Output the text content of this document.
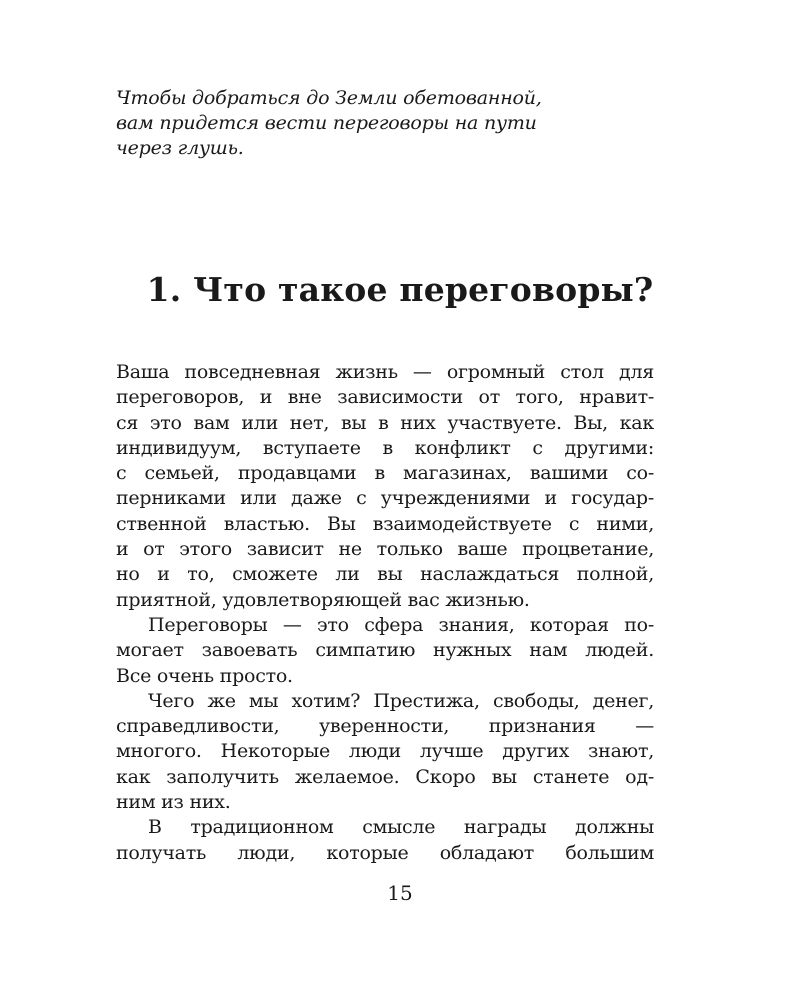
Чтобы добраться до Земли обетованной,
вам придется вести переговоры на пути
через глушь.
1. Что такое переговоры?
Ваша повседневная жизнь — огромный стол для
переговоров, и вне зависимости от того, нравит-
ся это вам или нет, вы в них участвуете. Вы, как
индивидуум, вступаете в конфликт с другими:
с семьей, продавцами в магазинах, вашими со-
перниками или даже с учреждениями и государ-
ственной властью. Вы взаимодействуете с ними,
и от этого зависит не только ваше процветание,
но и то, сможете ли вы наслаждаться полной,
приятной, удовлетворяющей вас жизнью.
Переговоры — это сфера знания, которая по-
могает завоевать симпатию нужных нам людей.
Все очень просто.
Чего же мы хотим? Престижа, свободы, денег,
справедливости, уверенности, признания —
многого. Некоторые люди лучше других знают,
как заполучить желаемое. Скоро вы станете од-
ним из них.
В традиционном смысле награды должны
получать люди, которые обладают большим
15
